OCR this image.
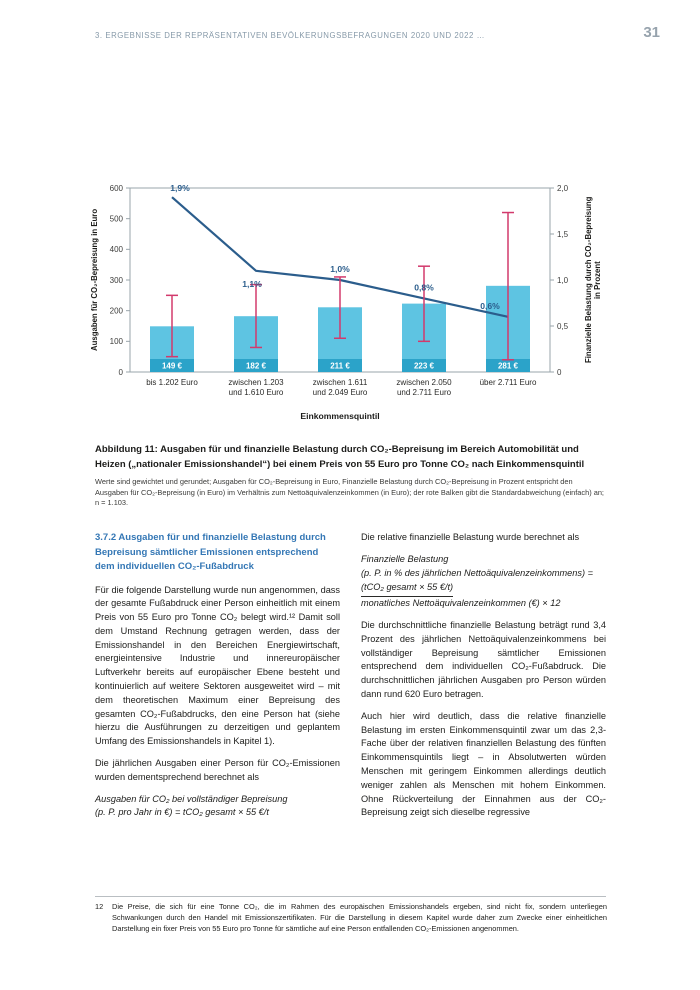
3. ERGEBNISSE DER REPRÄSENTATIVEN BEVÖLKERUNGSBEFRAGUNGEN 2020 UND 2022 …	31
0
100
200
300
400
500
600
0
0,5
1,0
1,5
2,0
149 €	182 €	211 €	223 €	281 €
1,9%
1,1%
1,0%
0,8%
0,6%
bis 1.202 Euro	zwischen 1.203
und 1.610 Euro
zwischen 1.611
und 2.049 Euro
zwischen 2.050
und 2.711 Euro
über 2.711 Euro
Einkommensquintil
Ausgaben für CO₂-Bepreisung in Euro	Finanzielle Belastung durch CO₂-Bepreisung in Prozent
Abbildung 11: Ausgaben für und finanzielle Belastung durch CO₂-Bepreisung im Bereich Automobilität und Heizen („nationaler Emissionshandel“) bei einem Preis von 55 Euro pro Tonne CO₂ nach Einkommensquintil
Werte sind gewichtet und gerundet; Ausgaben für CO₂-Bepreisung in Euro, Finanzielle Belastung durch CO₂-Bepreisung in Prozent entspricht den Ausgaben für CO₂-Bepreisung (in Euro) im Verhältnis zum Nettoäquivalenzeinkommen (in Euro); der rote Balken gibt die Standardabweichung (einfach) an; n = 1.103.
3.7.2 Ausgaben für und finanzielle Belastung durch Bepreisung sämtlicher Emissionen entsprechend dem individuellen CO₂-Fußabdruck

Für die folgende Darstellung wurde nun angenommen, dass der gesamte Fußabdruck einer Person einheitlich mit einem Preis von 55 Euro pro Tonne CO₂ belegt wird.¹² Damit soll dem Umstand Rechnung getragen werden, dass der Emissionshandel in den Bereichen Energiewirtschaft, energieintensive Industrie und innereuropäischer Luftverkehr bereits auf europäischer Ebene besteht und kontinuierlich auf weitere Sektoren ausgeweitet wird – mit dem theoretischen Maximum einer Bepreisung des gesamten CO₂-Fußabdrucks, den eine Person hat (siehe hierzu die Ausführungen zu derzeitigen und geplantem Umfang des Emissionshandels in Kapitel 1).

Die jährlichen Ausgaben einer Person für CO₂-Emissionen wurden dementsprechend berechnet als

Ausgaben für CO₂ bei vollständiger Bepreisung
(p. P. pro Jahr in €) = tCO₂ gesamt × 55 €/t

Die relative finanzielle Belastung wurde berechnet als

Finanzielle Belastung
(p. P. in % des jährlichen Nettoäquivalenzeinkommens) =
(tCO₂ gesamt × 55 €/t)
monatliches Nettoäquivalenzeinkommen (€) × 12

Die durchschnittliche finanzielle Belastung beträgt rund 3,4 Prozent des jährlichen Nettoäquivalenzeinkommens bei vollständiger Bepreisung sämtlicher Emissionen entsprechend dem individuellen CO₂-Fußabdruck. Die durchschnittlichen jährlichen Ausgaben pro Person würden dann rund 620 Euro betragen.

Auch hier wird deutlich, dass die relative finanzielle Belastung im ersten Einkommensquintil zwar um das 2,3-Fache über der relativen finanziellen Belastung des fünften Einkommensquintils liegt – in Absolutwerten würden Menschen mit geringem Einkommen allerdings deutlich weniger zahlen als Menschen mit hohem Einkommen. Ohne Rückverteilung der Einnahmen aus der CO₂-Bepreisung zeigt sich dieselbe regressive

12	Die Preise, die sich für eine Tonne CO₂, die im Rahmen des europäischen Emissionshandels ergeben, sind nicht fix, sondern unterliegen Schwankungen durch den Handel mit Emissionszertifikaten. Für die Darstellung in diesem Kapitel wurde daher zum Zwecke einer einheitlichen Darstellung ein fixer Preis von 55 Euro pro Tonne für sämtliche auf eine Person entfallenden CO₂-Emissionen angenommen.
